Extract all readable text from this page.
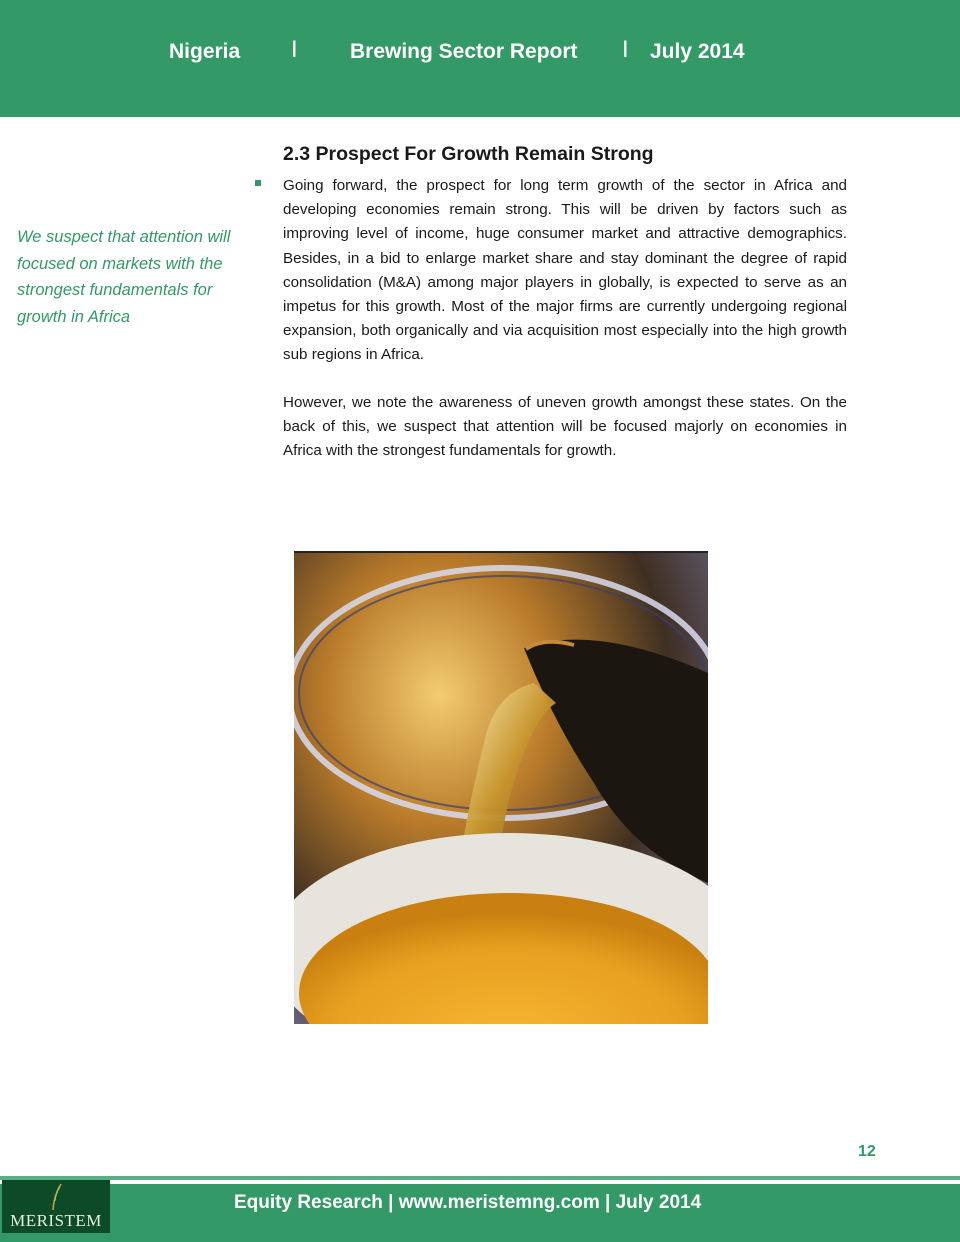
Nigeria I Brewing Sector Report I July 2014
We suspect that attention will focused on markets with the strongest fundamentals for growth in Africa
2.3 Prospect For Growth Remain Strong
Going forward, the prospect for long term growth of the sector in Africa and developing economies remain strong. This will be driven by factors such as improving level of income, huge consumer market and attractive demographics. Besides, in a bid to enlarge market share and stay dominant the degree of rapid consolidation (M&A) among major players in globally, is expected to serve as an impetus for this growth. Most of the major firms are currently undergoing regional expansion, both organically and via acquisition most especially into the high growth sub regions in Africa.
However, we note the awareness of uneven growth amongst these states. On the back of this, we suspect that attention will be focused majorly on economies in Africa with the strongest fundamentals for growth.
12
Equity Research | www.meristemng.com | July 2014
MERISTEM
